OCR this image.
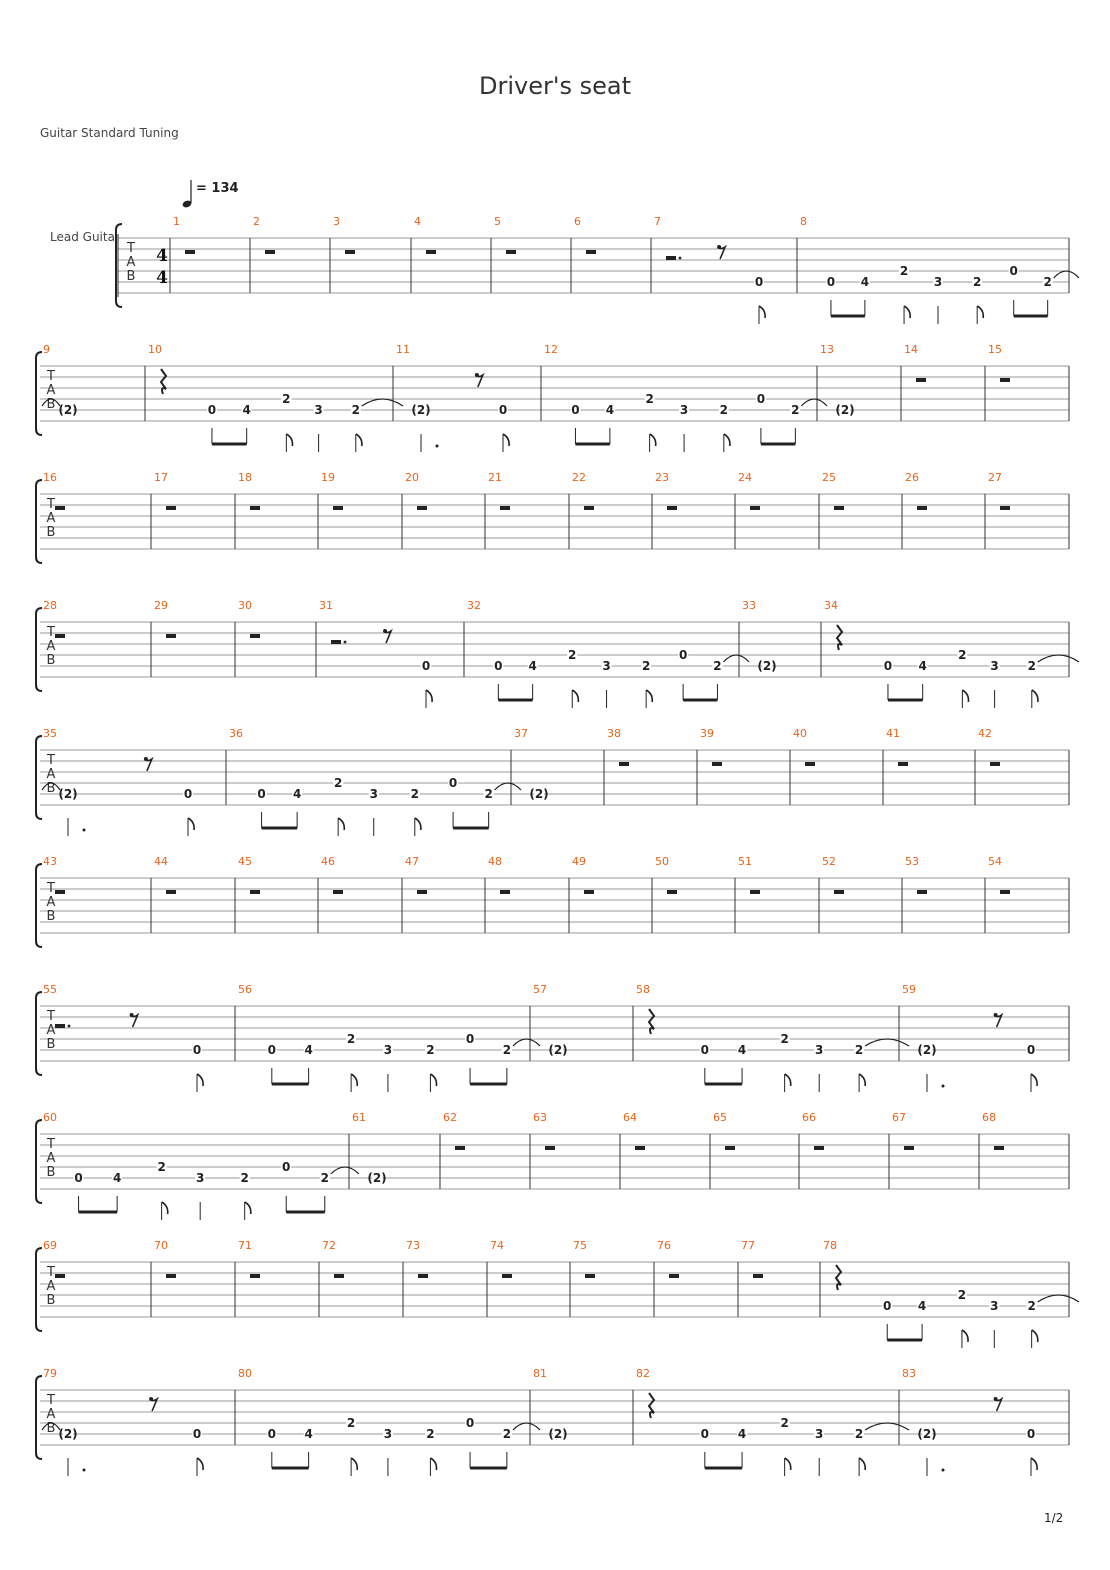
Driver's seat
Guitar Standard Tuning
= 134
Lead Guita
T
A
B
4
4
1	2	3	4	5	6	7
0
8
0 4
2
3	2
0
2
T
A
B
9
(2)
10
0 4
2
3 2
11
(2)	0
12
0 4
2
3	2
0
2
13
(2)
14	15
T
A
B
16	17	18	19	20	21	22	23	24	25	26	27
T
A
B
28	29	30	31
0
32
0 4
2
3	2
0
2
33
(2)
34
0 4
2
3 2
T
A
B
35
(2)	0
36
0 4
2
3	2
0
2
37
(2)
38	39	40	41	42
T
A
B
43	44	45	46	47	48	49	50	51	52	53	54
T
A
B
55
0
56
0 4
2
3	2
0
2
57
(2)
58
0 4
2
3	2
59
(2)	0
T
A
B
60
0	4
2
3	2
0
2
61
(2)
62	63	64	65	66	67	68
T
A
B
69	70	71	72	73	74	75	76	77	78
0 4
2
3 2
T
A
B
79
(2)	0
80
0 4
2
3	2
0
2
81
(2)
82
0 4
2
3	2
83
(2)	0
1/2
